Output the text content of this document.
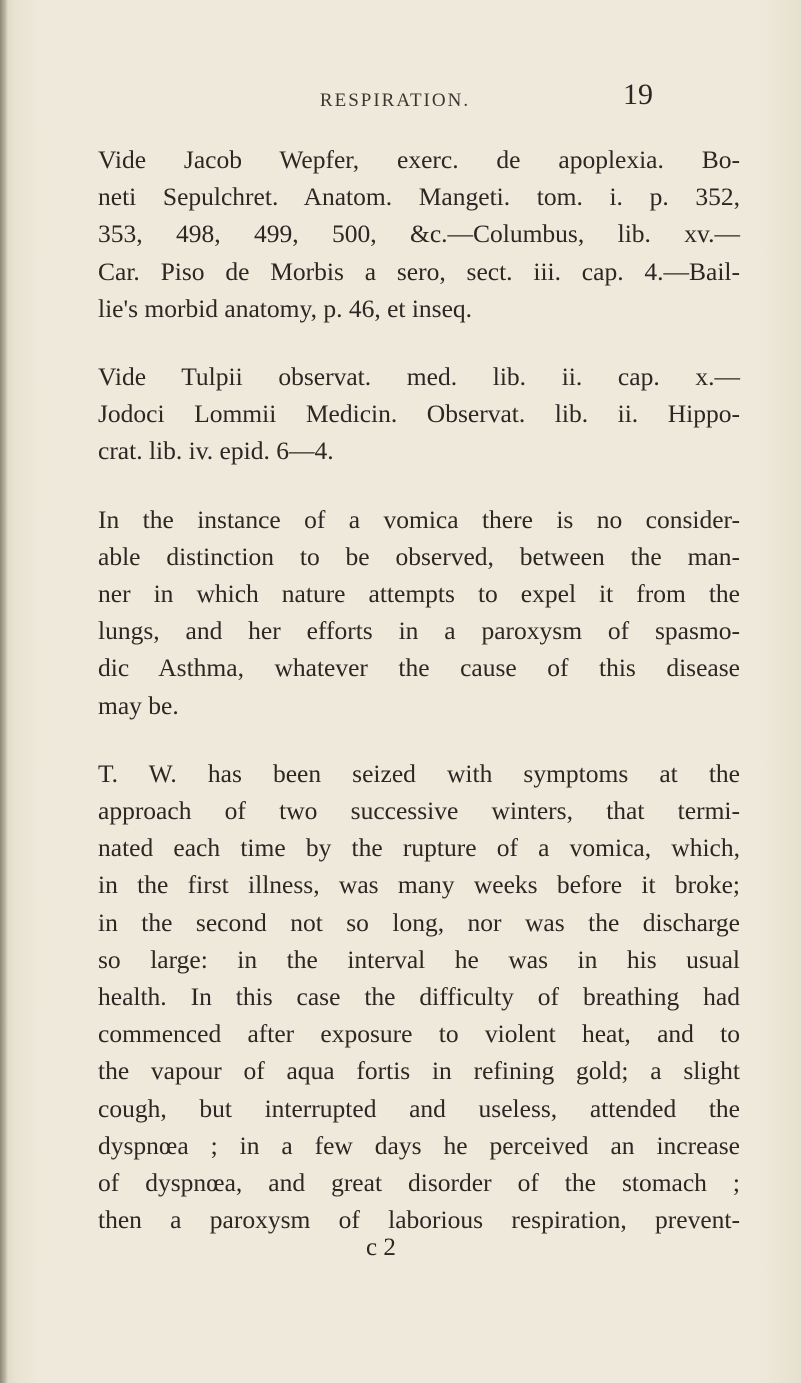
RESPIRATION.	19
Vide Jacob Wepfer, exerc. de apoplexia. Bo-
neti Sepulchret. Anatom. Mangeti. tom. i. p. 352,
353, 498, 499, 500, &c.—Columbus, lib. xv.—
Car. Piso de Morbis a sero, sect. iii. cap. 4.—Bail-
lie's morbid anatomy, p. 46, et inseq.
Vide Tulpii observat. med. lib. ii. cap. x.—
Jodoci Lommii Medicin. Observat. lib. ii. Hippo-
crat. lib. iv. epid. 6—4.
In the instance of a vomica there is no consider-
able distinction to be observed, between the man-
ner in which nature attempts to expel it from the
lungs, and her efforts in a paroxysm of spasmo-
dic Asthma, whatever the cause of this disease
may be.
T. W. has been seized with symptoms at the
approach of two successive winters, that termi-
nated each time by the rupture of a vomica, which,
in the first illness, was many weeks before it broke;
in the second not so long, nor was the discharge
so large: in the interval he was in his usual
health. In this case the difficulty of breathing had
commenced after exposure to violent heat, and to
the vapour of aqua fortis in refining gold; a slight
cough, but interrupted and useless, attended the
dyspnœa ; in a few days he perceived an increase
of dyspnœa, and great disorder of the stomach ;
then a paroxysm of laborious respiration, prevent-
c 2
